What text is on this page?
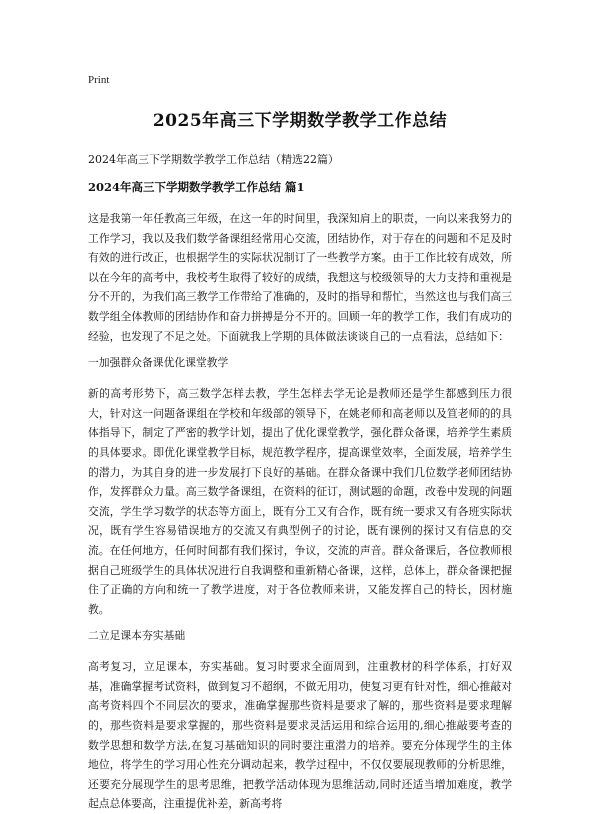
Print
2025年高三下学期数学教学工作总结
2024年高三下学期数学教学工作总结（精选22篇）
2024年高三下学期数学教学工作总结 篇1

这是我第一年任教高三年级，在这一年的时间里，我深知肩上的职责，一向以来我努力的工作学习，我以及我们数学备课组经常用心交流，团结协作，对于存在的问题和不足及时有效的进行改正，也根据学生的实际状况制订了一些教学方案。由于工作比较有成效，所以在今年的高考中，我校考生取得了较好的成绩，我想这与校级领导的大力支持和重视是分不开的，为我们高三教学工作带给了准确的，及时的指导和帮忙，当然这也与我们高三数学组全体教师的团结协作和奋力拼搏是分不开的。回顾一年的教学工作，我们有成功的经验，也发现了不足之处。下面就我上学期的具体做法谈谈自己的一点看法，总结如下：

一加强群众备课优化课堂教学

新的高考形势下，高三数学怎样去教，学生怎样去学无论是教师还是学生都感到压力很大，针对这一问题备课组在学校和年级部的领导下，在姚老师和高老师以及笪老师的的具体指导下，制定了严密的教学计划，提出了优化课堂教学，强化群众备课，培养学生素质的具体要求。即优化课堂教学目标，规范教学程序，提高课堂效率，全面发展，培养学生的潜力，为其自身的进一步发展打下良好的基础。在群众备课中我们几位数学老师团结协作，发挥群众力量。高三数学备课组，在资料的征订，测试题的命题，改卷中发现的问题交流，学生学习数学的状态等方面上，既有分工又有合作，既有统一要求又有各班实际状况，既有学生容易错误地方的交流又有典型例子的讨论，既有课例的探讨又有信息的交流。在任何地方，任何时间都有我们探讨，争议，交流的声音。群众备课后，各位教师根据自己班级学生的具体状况进行自我调整和重新精心备课，这样，总体上，群众备课把握住了正确的方向和统一了教学进度，对于各位教师来讲，又能发挥自己的特长，因材施教。

二立足课本夯实基础

高考复习，立足课本，夯实基础。复习时要求全面周到，注重教材的科学体系，打好双基，准确掌握考试资料，做到复习不超纲，不做无用功，使复习更有针对性，细心推敲对高考资料四个不同层次的要求，准确掌握那些资料是要求了解的，那些资料是要求理解的，那些资料是要求掌握的，那些资料是要求灵活运用和综合运用的,细心推敲要考查的数学思想和数学方法,在复习基础知识的同时要注重潜力的培养。要充分体现学生的主体地位，将学生的学习用心性充分调动起来，教学过程中，不仅仅要展现教师的分析思维，还要充分展现学生的思考思维，把教学活动体现为思维活动,同时还适当增加难度，教学起点总体要高，注重提优补差，新高考将
